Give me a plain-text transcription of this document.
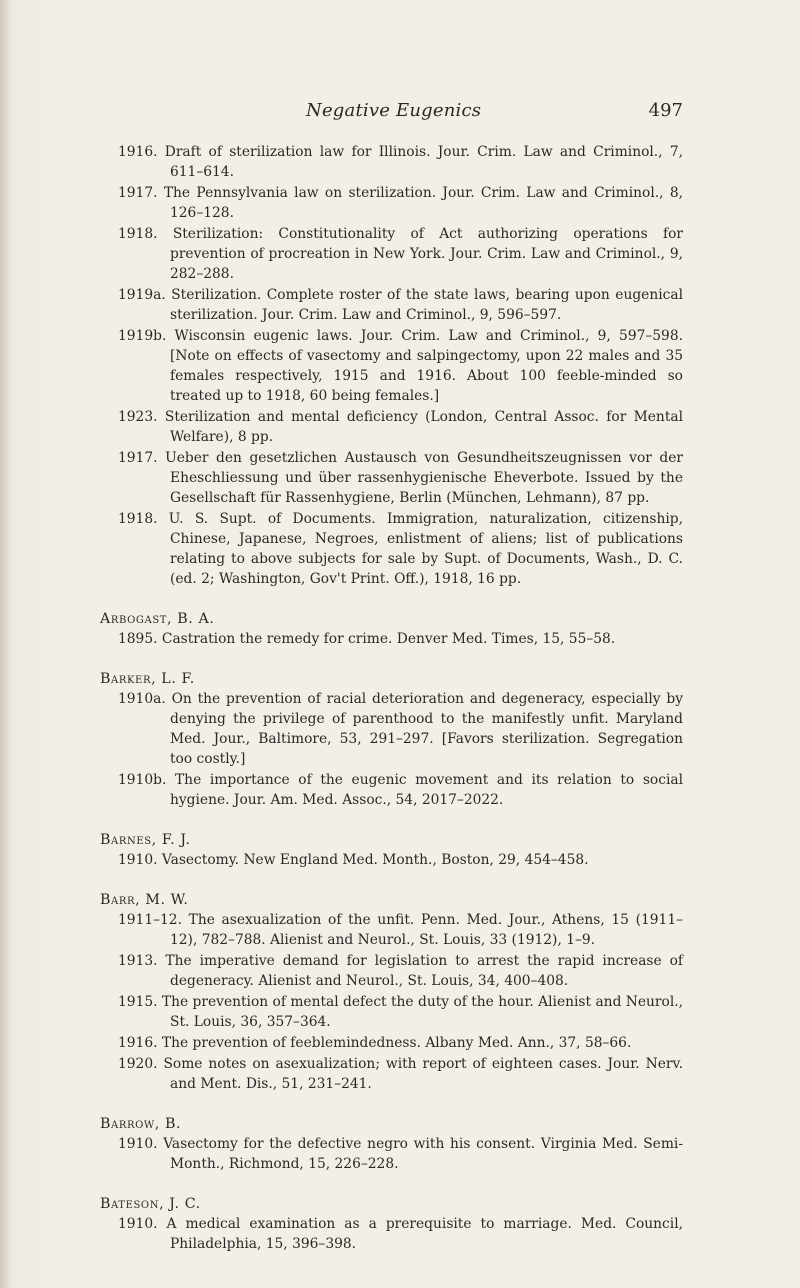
Negative Eugenics	497

1916. Draft of sterilization law for Illinois. Jour. Crim. Law and Criminol., 7, 611–614.

1917. The Pennsylvania law on sterilization. Jour. Crim. Law and Criminol., 8, 126–128.

1918. Sterilization: Constitutionality of Act authorizing operations for prevention of procreation in New York. Jour. Crim. Law and Criminol., 9, 282–288.

1919a. Sterilization. Complete roster of the state laws, bearing upon eugenical sterilization. Jour. Crim. Law and Criminol., 9, 596–597.

1919b. Wisconsin eugenic laws. Jour. Crim. Law and Criminol., 9, 597–598. [Note on effects of vasectomy and salpingectomy, upon 22 males and 35 females respectively, 1915 and 1916. About 100 feeble-minded so treated up to 1918, 60 being females.]

1923. Sterilization and mental deficiency (London, Central Assoc. for Mental Welfare), 8 pp.

1917. Ueber den gesetzlichen Austausch von Gesundheitszeugnissen vor der Eheschliessung und über rassenhygienische Eheverbote. Issued by the Gesellschaft für Rassenhygiene, Berlin (München, Lehmann), 87 pp.

1918. U. S. Supt. of Documents. Immigration, naturalization, citizenship, Chinese, Japanese, Negroes, enlistment of aliens; list of publications relating to above subjects for sale by Supt. of Documents, Wash., D. C. (ed. 2; Washington, Gov't Print. Off.), 1918, 16 pp.

Arbogast, B. A.

1895. Castration the remedy for crime. Denver Med. Times, 15, 55–58.

Barker, L. F.

1910a. On the prevention of racial deterioration and degeneracy, especially by denying the privilege of parenthood to the manifestly unfit. Maryland Med. Jour., Baltimore, 53, 291–297. [Favors sterilization. Segregation too costly.]

1910b. The importance of the eugenic movement and its relation to social hygiene. Jour. Am. Med. Assoc., 54, 2017–2022.

Barnes, F. J.

1910. Vasectomy. New England Med. Month., Boston, 29, 454–458.

Barr, M. W.

1911–12. The asexualization of the unfit. Penn. Med. Jour., Athens, 15 (1911–12), 782–788. Alienist and Neurol., St. Louis, 33 (1912), 1–9.

1913. The imperative demand for legislation to arrest the rapid increase of degeneracy. Alienist and Neurol., St. Louis, 34, 400–408.

1915. The prevention of mental defect the duty of the hour. Alienist and Neurol., St. Louis, 36, 357–364.

1916. The prevention of feeblemindedness. Albany Med. Ann., 37, 58–66.

1920. Some notes on asexualization; with report of eighteen cases. Jour. Nerv. and Ment. Dis., 51, 231–241.

Barrow, B.

1910. Vasectomy for the defective negro with his consent. Virginia Med. Semi-Month., Richmond, 15, 226–228.

Bateson, J. C.

1910. A medical examination as a prerequisite to marriage. Med. Council, Philadelphia, 15, 396–398.
